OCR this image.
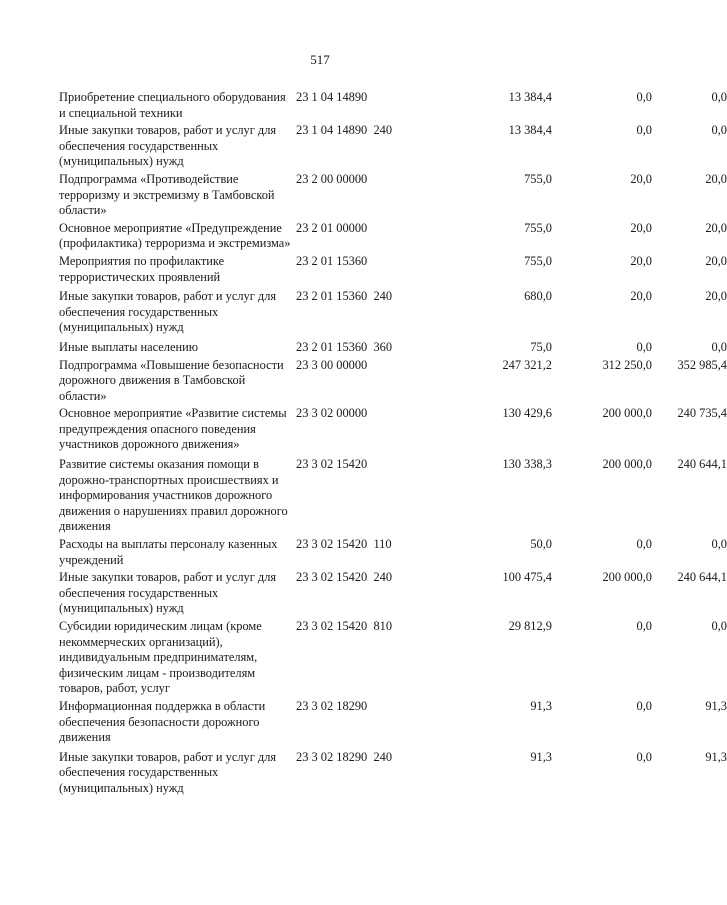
517
Приобретение специального оборудования и специальной техники
23 1 04 14890	13 384,4	0,0	0,0
Иные закупки товаров, работ и услуг для обеспечения государственных (муниципальных) нужд
23 1 04 14890  240	13 384,4	0,0	0,0
Подпрограмма «Противодействие терроризму и экстремизму в Тамбовской области»
23 2 00 00000	755,0	20,0	20,0
Основное мероприятие «Предупреждение (профилактика) терроризма и экстремизма»
23 2 01 00000	755,0	20,0	20,0
Мероприятия по профилактике террористических проявлений
23 2 01 15360	755,0	20,0	20,0
Иные закупки товаров, работ и услуг для обеспечения государственных (муниципальных) нужд
23 2 01 15360  240	680,0	20,0	20,0
Иные выплаты населению	23 2 01 15360  360	75,0	0,0	0,0
Подпрограмма «Повышение безопасности дорожного движения в Тамбовской области»
23 3 00 00000	247 321,2	312 250,0	352 985,4
Основное мероприятие «Развитие системы предупреждения опасного поведения участников дорожного движения»
23 3 02 00000	130 429,6	200 000,0	240 735,4
Развитие системы оказания помощи в дорожно-транспортных происшествиях и информирования участников дорожного движения о нарушениях правил дорожного движения
23 3 02 15420	130 338,3	200 000,0	240 644,1
Расходы на выплаты персоналу казенных учреждений
23 3 02 15420  110	50,0	0,0	0,0
Иные закупки товаров, работ и услуг для обеспечения государственных (муниципальных) нужд
23 3 02 15420  240	100 475,4	200 000,0	240 644,1
Субсидии юридическим лицам (кроме некоммерческих организаций), индивидуальным предпринимателям, физическим лицам - производителям товаров, работ, услуг
23 3 02 15420  810	29 812,9	0,0	0,0
Информационная поддержка в области обеспечения безопасности дорожного движения
23 3 02 18290	91,3	0,0	91,3
Иные закупки товаров, работ и услуг для обеспечения государственных (муниципальных) нужд
23 3 02 18290  240	91,3	0,0	91,3
